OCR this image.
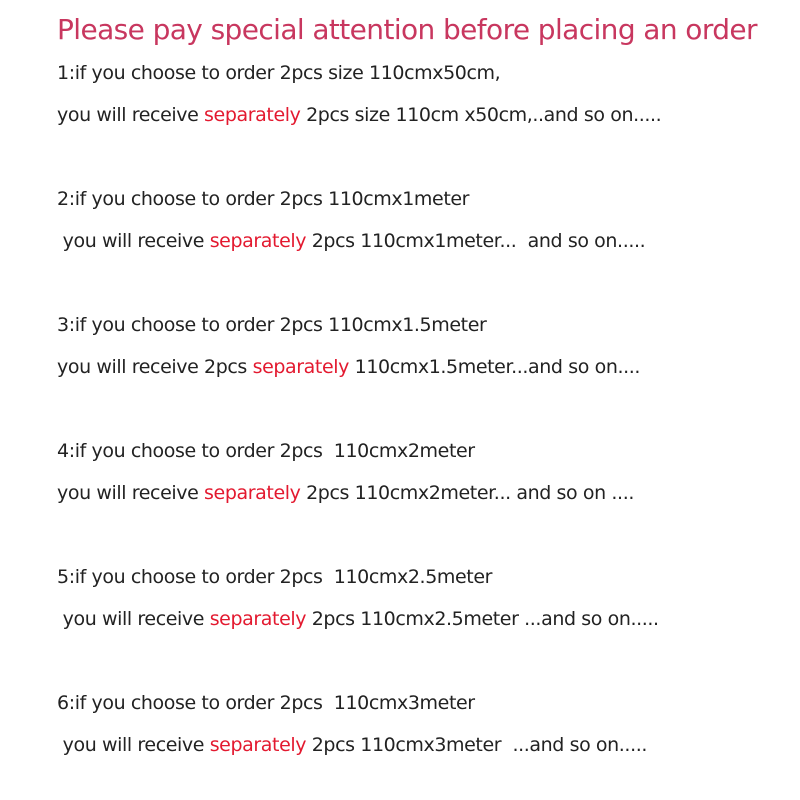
Please pay special attention before placing an order
1:if you choose to order 2pcs size 110cmx50cm,
you will receive separately 2pcs size 110cm x50cm,..and so on.....
2:if you choose to order 2pcs 110cmx1meter
you will receive separately 2pcs 110cmx1meter...  and so on.....
3:if you choose to order 2pcs 110cmx1.5meter
you will receive 2pcs separately 110cmx1.5meter...and so on....
4:if you choose to order 2pcs  110cmx2meter
you will receive separately 2pcs 110cmx2meter... and so on ....
5:if you choose to order 2pcs  110cmx2.5meter
you will receive separately 2pcs 110cmx2.5meter ...and so on.....
6:if you choose to order 2pcs  110cmx3meter
you will receive separately 2pcs 110cmx3meter  ...and so on.....
